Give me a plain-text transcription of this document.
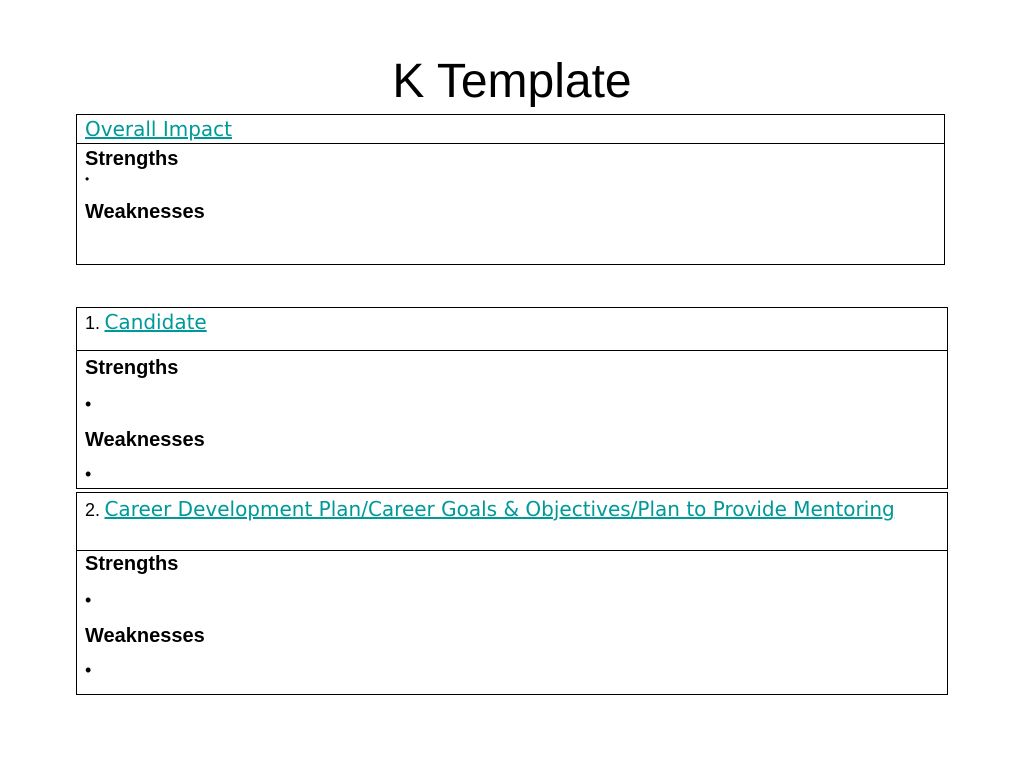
K Template
Overall Impact
Strengths
•
Weaknesses
1. Candidate
Strengths
•
Weaknesses
•
2. Career Development Plan/Career Goals & Objectives/Plan to Provide Mentoring
Strengths
•
Weaknesses
•
